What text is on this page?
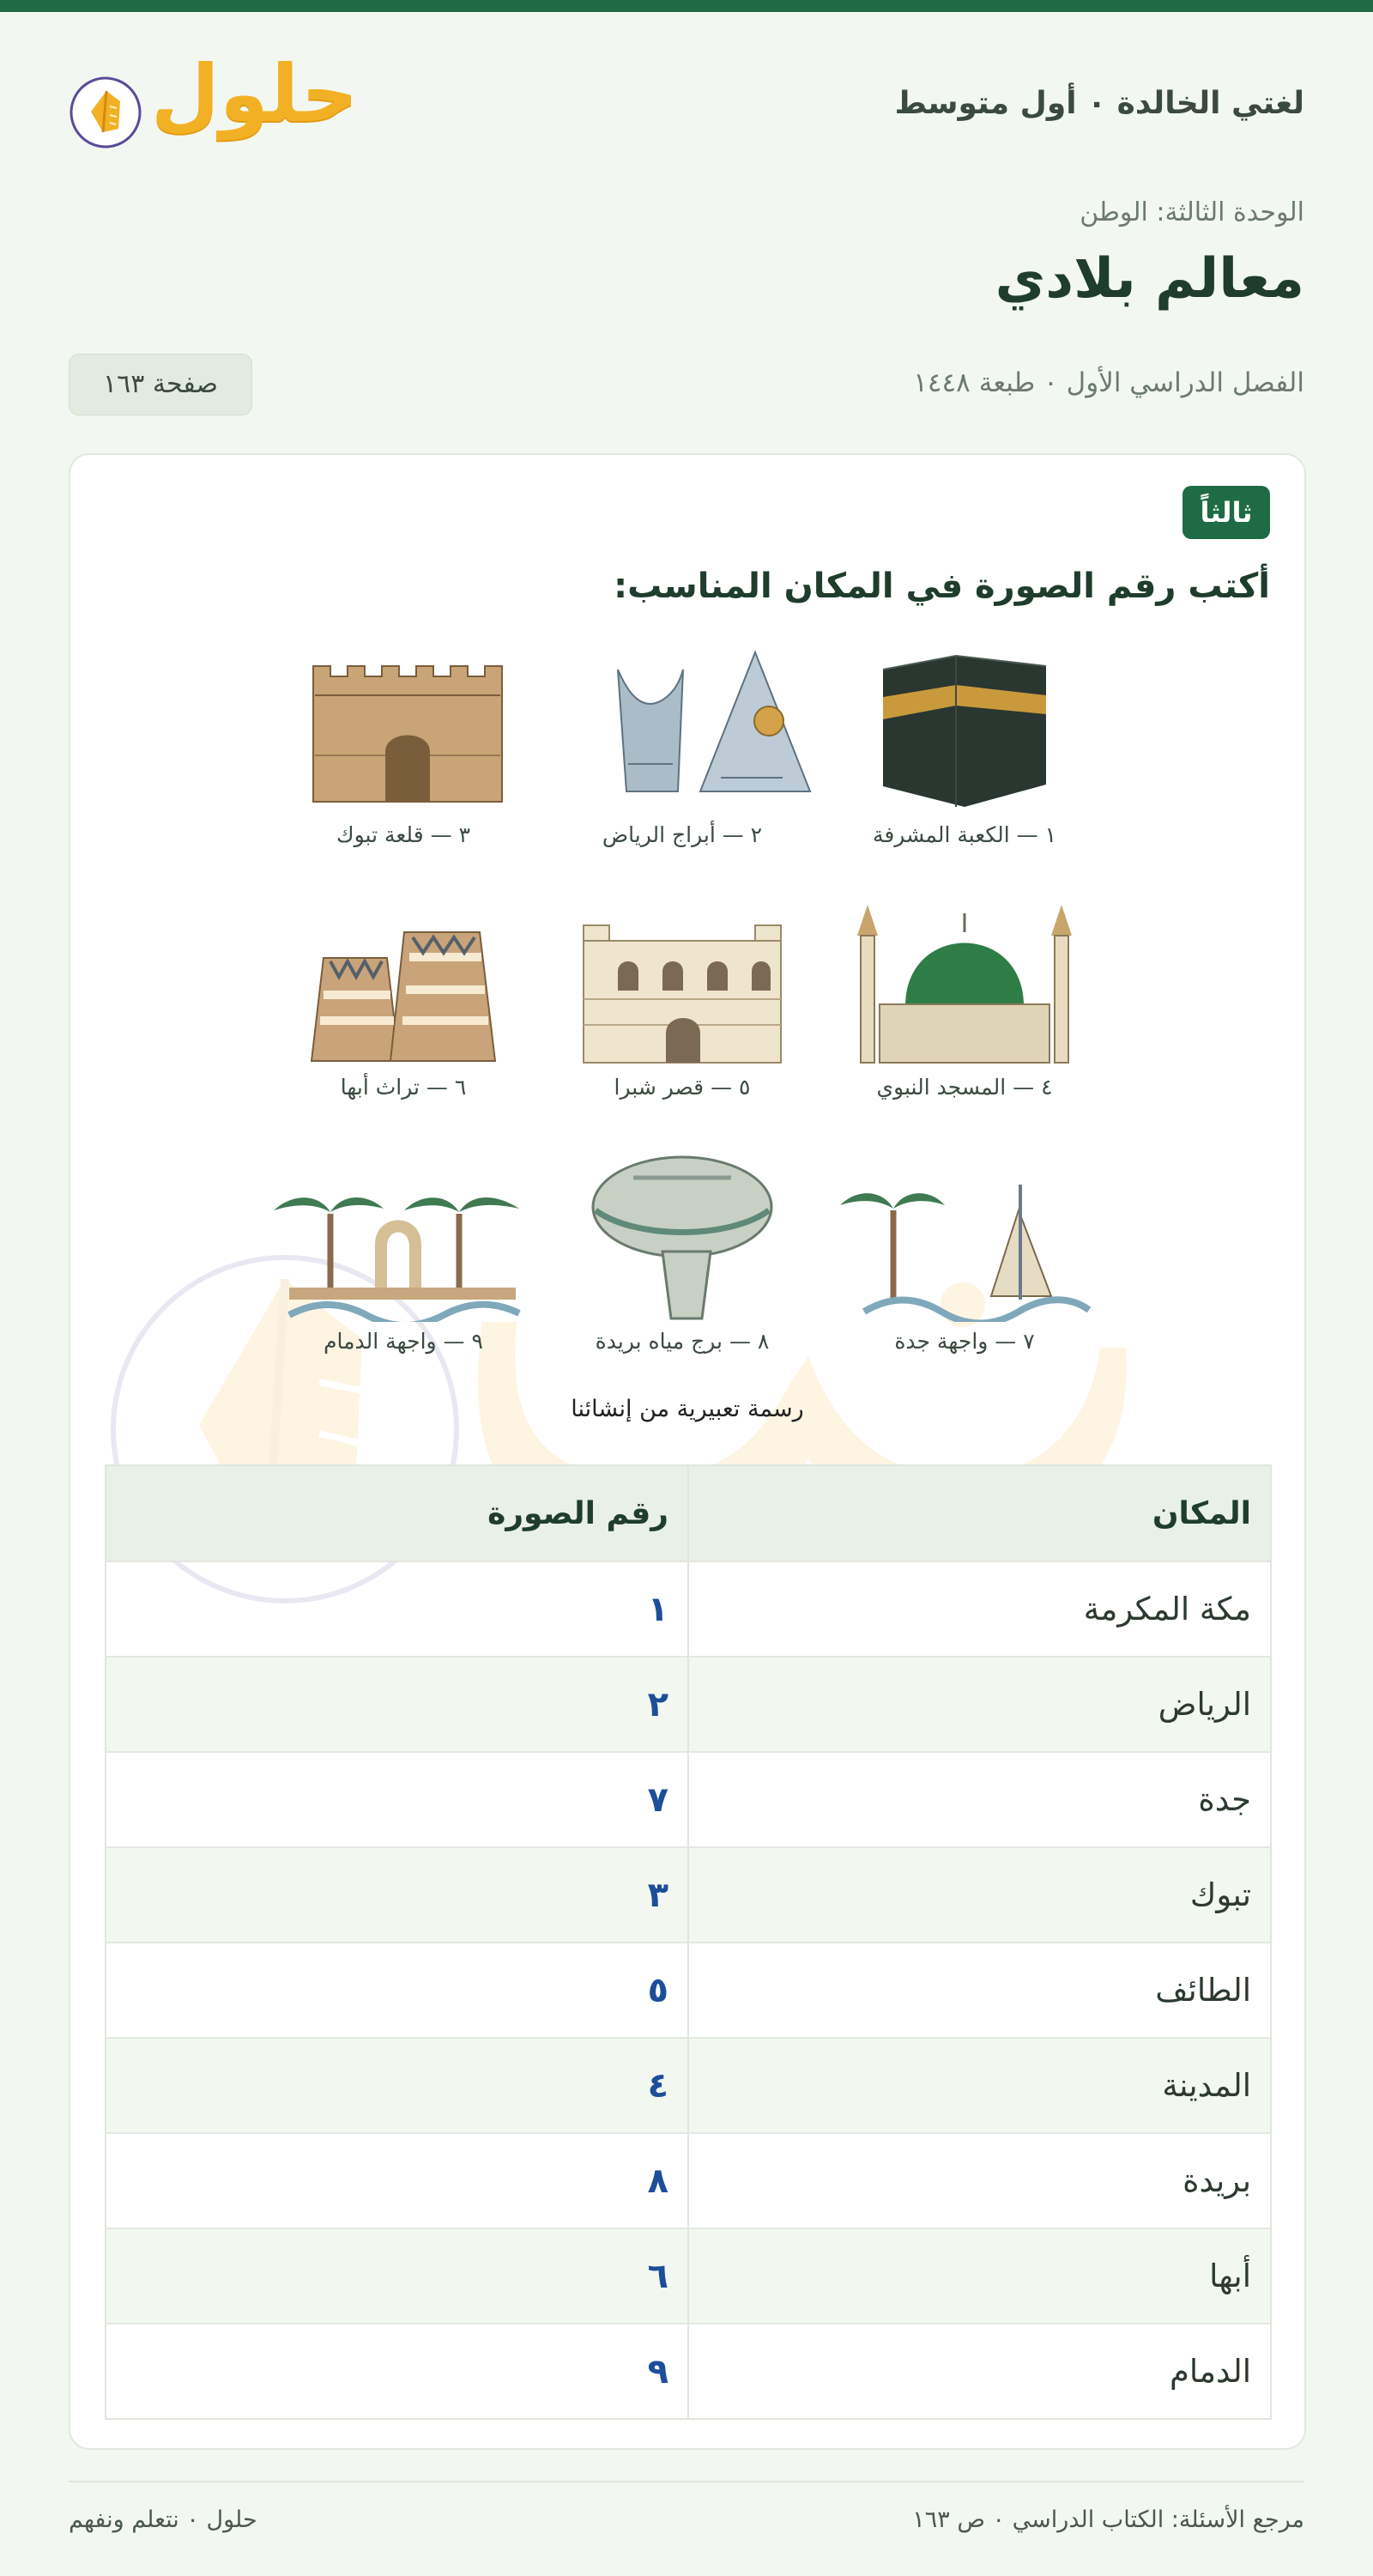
لغتي الخالدة ٠ أول متوسط
حلول
الوحدة الثالثة: الوطن
معالم بلادي
الفصل الدراسي الأول ٠ طبعة ١٤٤٨
صفحة ١٦٣
ثالثاً
أكتب رقم الصورة في المكان المناسب:
١ — الكعبة المشرفة
٢ — أبراج الرياض
٣ — قلعة تبوك
٤ — المسجد النبوي
٥ — قصر شبرا
٦ — تراث أبها
٧ — واجهة جدة
٨ — برج مياه بريدة
٩ — واجهة الدمام
رسمة تعبيرية من إنشائنا
المكان
رقم الصورة
مكة المكرمة
١
الرياض
٢
جدة
٧
تبوك
٣
الطائف
٥
المدينة
٤
بريدة
٨
أبها
٦
الدمام
٩
مرجع الأسئلة: الكتاب الدراسي ٠ ص ١٦٣
حلول ٠ نتعلم ونفهم
